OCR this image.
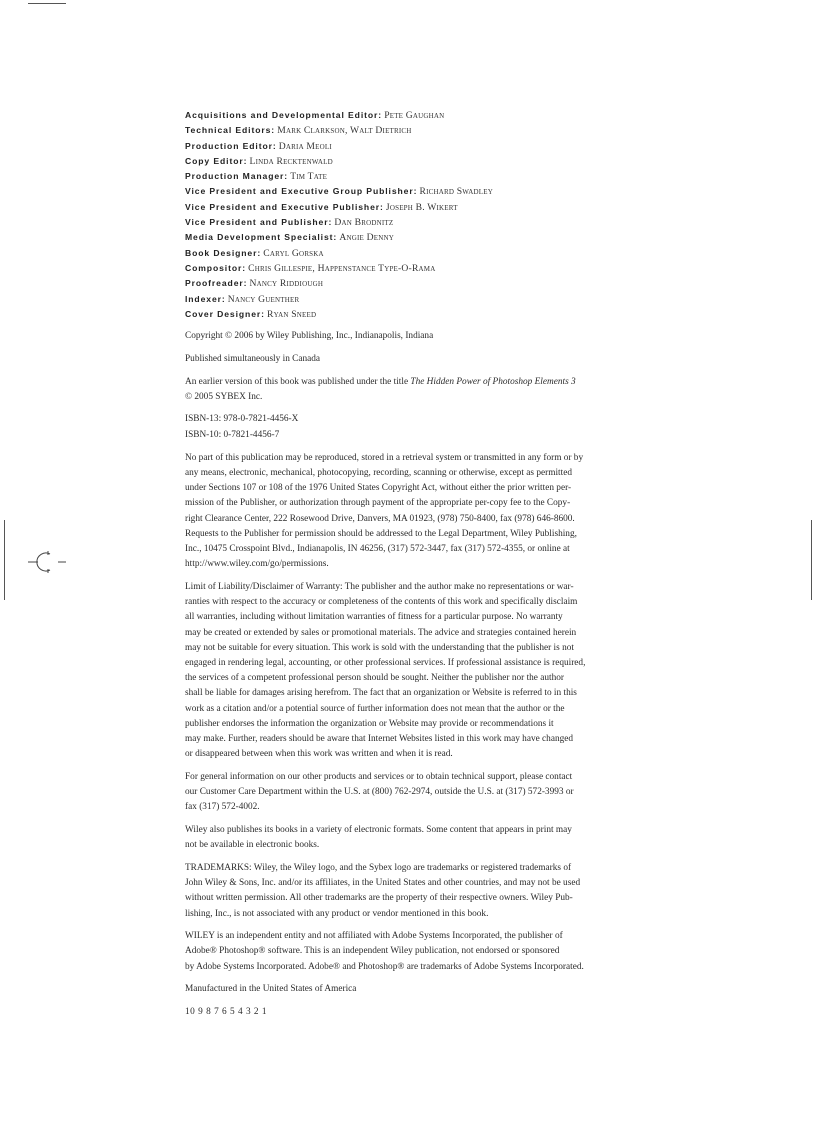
Acquisitions and Developmental Editor: Pete Gaughan
Technical Editors: Mark Clarkson, Walt Dietrich
Production Editor: Daria Meoli
Copy Editor: Linda Recktenwald
Production Manager: Tim Tate
Vice President and Executive Group Publisher: Richard Swadley
Vice President and Executive Publisher: Joseph B. Wikert
Vice President and Publisher: Dan Brodnitz
Media Development Specialist: Angie Denny
Book Designer: Caryl Gorska
Compositor: Chris Gillespie, Happenstance Type-O-Rama
Proofreader: Nancy Riddiough
Indexer: Nancy Guenther
Cover Designer: Ryan Sneed

Copyright © 2006 by Wiley Publishing, Inc., Indianapolis, Indiana

Published simultaneously in Canada

An earlier version of this book was published under the title The Hidden Power of Photoshop Elements 3
© 2005 SYBEX Inc.

ISBN-13: 978-0-7821-4456-X
ISBN-10: 0-7821-4456-7

No part of this publication may be reproduced, stored in a retrieval system or transmitted in any form or by
any means, electronic, mechanical, photocopying, recording, scanning or otherwise, except as permitted
under Sections 107 or 108 of the 1976 United States Copyright Act, without either the prior written per-
mission of the Publisher, or authorization through payment of the appropriate per-copy fee to the Copy-
right Clearance Center, 222 Rosewood Drive, Danvers, MA 01923, (978) 750-8400, fax (978) 646-8600.
Requests to the Publisher for permission should be addressed to the Legal Department, Wiley Publishing,
Inc., 10475 Crosspoint Blvd., Indianapolis, IN 46256, (317) 572-3447, fax (317) 572-4355, or online at
http://www.wiley.com/go/permissions.

Limit of Liability/Disclaimer of Warranty: The publisher and the author make no representations or war-
ranties with respect to the accuracy or completeness of the contents of this work and specifically disclaim
all warranties, including without limitation warranties of fitness for a particular purpose. No warranty
may be created or extended by sales or promotional materials. The advice and strategies contained herein
may not be suitable for every situation. This work is sold with the understanding that the publisher is not
engaged in rendering legal, accounting, or other professional services. If professional assistance is required,
the services of a competent professional person should be sought. Neither the publisher nor the author
shall be liable for damages arising herefrom. The fact that an organization or Website is referred to in this
work as a citation and/or a potential source of further information does not mean that the author or the
publisher endorses the information the organization or Website may provide or recommendations it
may make. Further, readers should be aware that Internet Websites listed in this work may have changed
or disappeared between when this work was written and when it is read.

For general information on our other products and services or to obtain technical support, please contact
our Customer Care Department within the U.S. at (800) 762-2974, outside the U.S. at (317) 572-3993 or
fax (317) 572-4002.

Wiley also publishes its books in a variety of electronic formats. Some content that appears in print may
not be available in electronic books.

TRADEMARKS: Wiley, the Wiley logo, and the Sybex logo are trademarks or registered trademarks of
John Wiley & Sons, Inc. and/or its affiliates, in the United States and other countries, and may not be used
without written permission. All other trademarks are the property of their respective owners. Wiley Pub-
lishing, Inc., is not associated with any product or vendor mentioned in this book.

WILEY is an independent entity and not affiliated with Adobe Systems Incorporated, the publisher of
Adobe® Photoshop® software. This is an independent Wiley publication, not endorsed or sponsored
by Adobe Systems Incorporated. Adobe® and Photoshop® are trademarks of Adobe Systems Incorporated.

Manufactured in the United States of America

10 9 8 7 6 5 4 3 2 1
